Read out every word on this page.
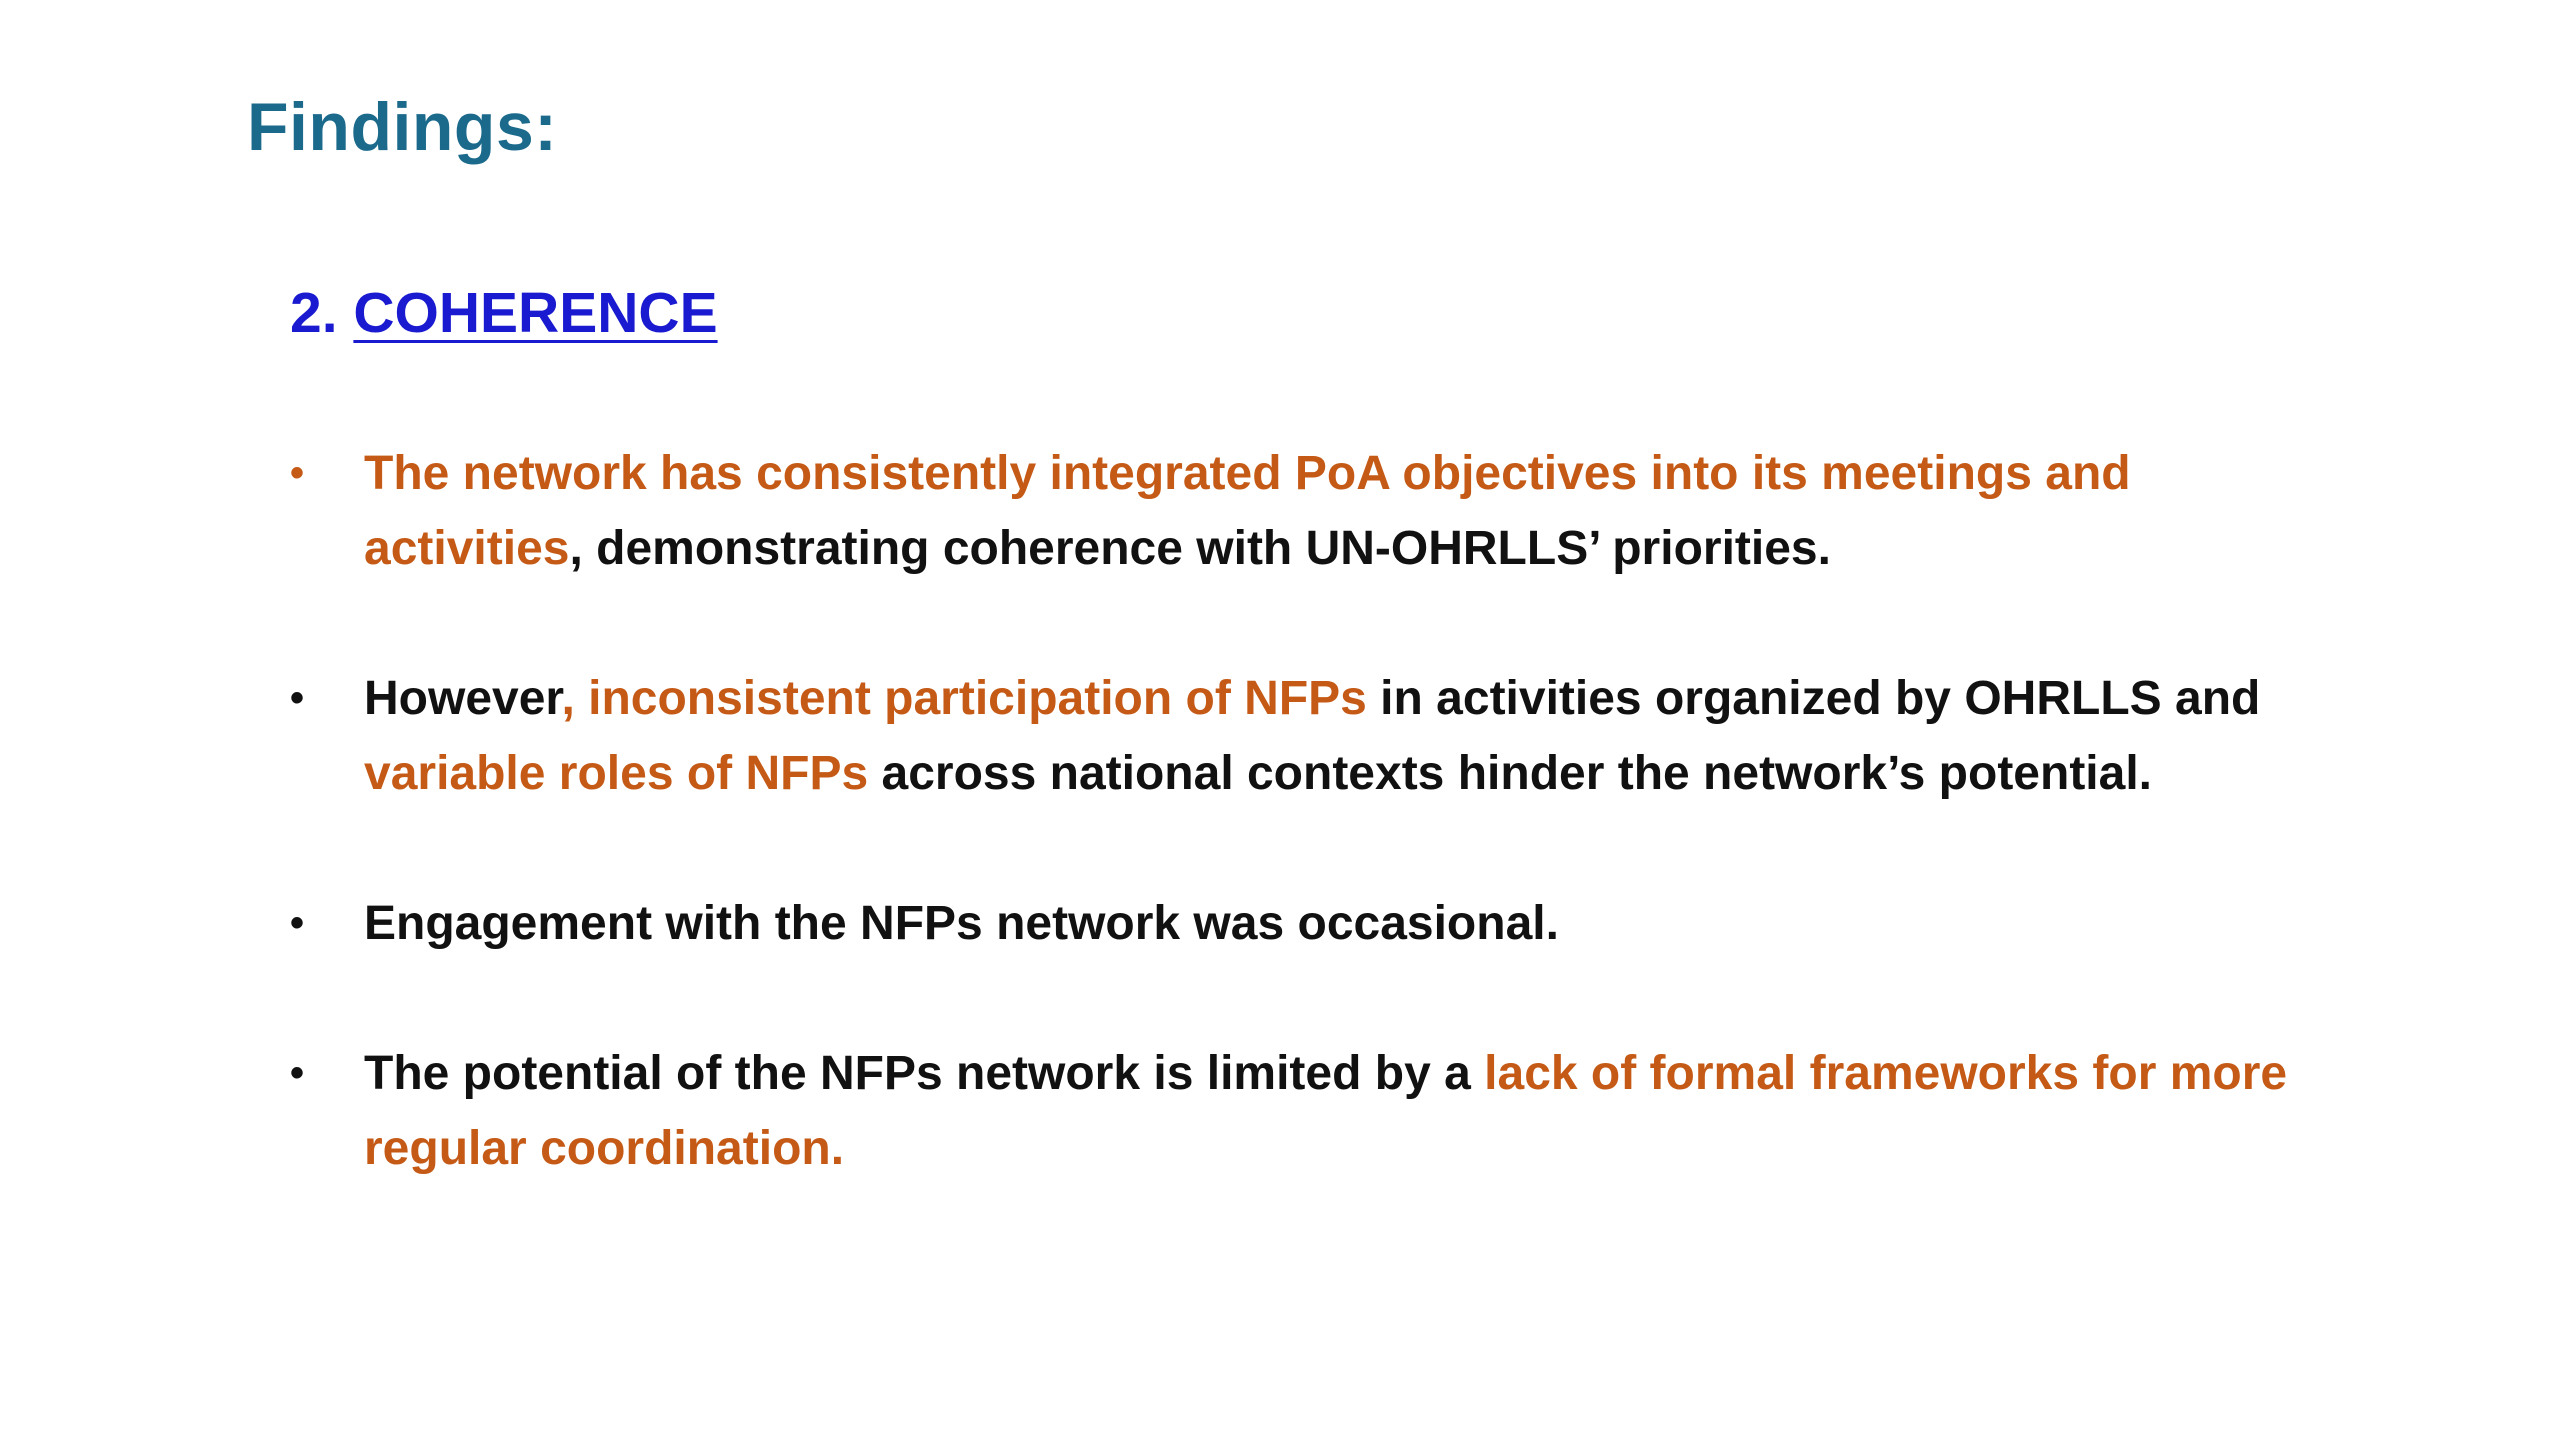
Findings:
2. COHERENCE
•	The network has consistently integrated PoA objectives into its meetings and activities, demonstrating coherence with UN-OHRLLS’ priorities.
•	However, inconsistent participation of NFPs in activities organized by OHRLLS and variable roles of NFPs across national contexts hinder the network’s potential.
•	Engagement with the NFPs network was occasional.
•	The potential of the NFPs network is limited by a lack of formal frameworks for more regular coordination.
